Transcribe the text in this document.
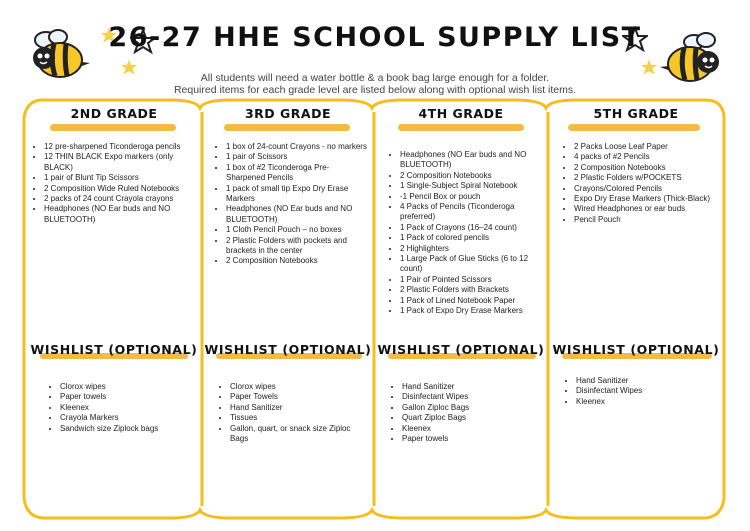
26-27 HHE SCHOOL SUPPLY LIST

All students will need a water bottle & a book bag large enough for a folder.

Required items for each grade level are listed below along with optional wish list items.

2ND GRADE
• 12 pre-sharpened Ticonderoga pencils
• 12 THIN BLACK Expo markers (only BLACK)
• 1 pair of Blunt Tip Scissors
• 2 Composition Wide Ruled Notebooks
• 2 packs of 24 count Crayola crayons
• Headphones (NO Ear buds and NO BLUETOOTH)
WISHLIST (OPTIONAL)
• Clorox wipes
• Paper towels
• Kleenex
• Crayola Markers
• Sandwich size Ziplock bags
3RD GRADE
• 1 box of 24-count Crayons - no markers
• 1 pair of Scissors
• 1 box of #2 Ticonderoga Pre-Sharpened Pencils
• 1 pack of small tip Expo Dry Erase Markers
• Headphones (NO Ear buds and NO BLUETOOTH)
• 1 Cloth Pencil Pouch – no boxes
• 2 Plastic Folders with pockets and brackets in the center
• 2 Composition Notebooks
WISHLIST (OPTIONAL)
• Clorox wipes
• Paper Towels
• Hand Sanitizer
• Tissues
• Gallon, quart, or snack size Ziploc Bags
4TH GRADE
• Headphones (NO Ear buds and NO BLUETOOTH)
• 2 Composition Notebooks
• 1 Single-Subject Spiral Notebook
• -1 Pencil Box or pouch
• 4 Packs of Pencils (Ticonderoga preferred)
• 1 Pack of Crayons (16–24 count)
• 1 Pack of colored pencils
• 2 Highlighters
• 1 Large Pack of Glue Sticks (6 to 12 count)
• 1 Pair of Pointed Scissors
• 2 Plastic Folders with Brackets
• 1 Pack of Lined Notebook Paper
• 1 Pack of Expo Dry Erase Markers
WISHLIST (OPTIONAL)
• Hand Sanitizer
• Disinfectant Wipes
• Gallon Ziploc Bags
• Quart Ziploc Bags
• Kleenex
• Paper towels
5TH GRADE
• 2 Packs Loose Leaf Paper
• 4 packs of #2 Pencils
• 2 Composition Notebooks
• 2 Plastic Folders w/POCKETS
• Crayons/Colored Pencils
• Expo Dry Erase Markers (Thick-Black)
• Wired Headphones or ear buds
• Pencil Pouch
WISHLIST (OPTIONAL)
• Hand Sanitizer
• Disinfectant Wipes
• Kleenex
